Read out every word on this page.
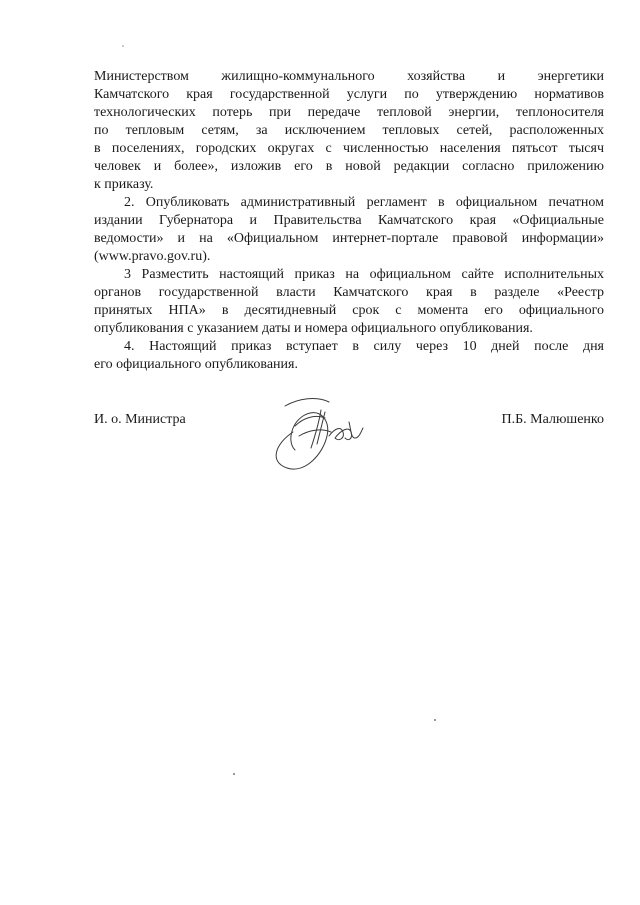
Министерством жилищно-коммунального хозяйства и энергетики
Камчатского края государственной услуги по утверждению нормативов
технологических потерь при передаче тепловой энергии, теплоносителя
по тепловым сетям, за исключением тепловых сетей, расположенных
в поселениях, городских округах с численностью населения пятьсот тысяч
человек и более», изложив его в новой редакции согласно приложению
к приказу.
2. Опубликовать административный регламент в официальном печатном
издании Губернатора и Правительства Камчатского края «Официальные
ведомости» и на «Официальном интернет-портале правовой информации»
(www.pravo.gov.ru).
3 Разместить настоящий приказ на официальном сайте исполнительных
органов государственной власти Камчатского края в разделе «Реестр
принятых НПА» в десятидневный срок с момента его официального
опубликования с указанием даты и номера официального опубликования.
4. Настоящий приказ вступает в силу через 10 дней после дня
его официального опубликования.
И. о. Министра	П.Б. Малюшенко
